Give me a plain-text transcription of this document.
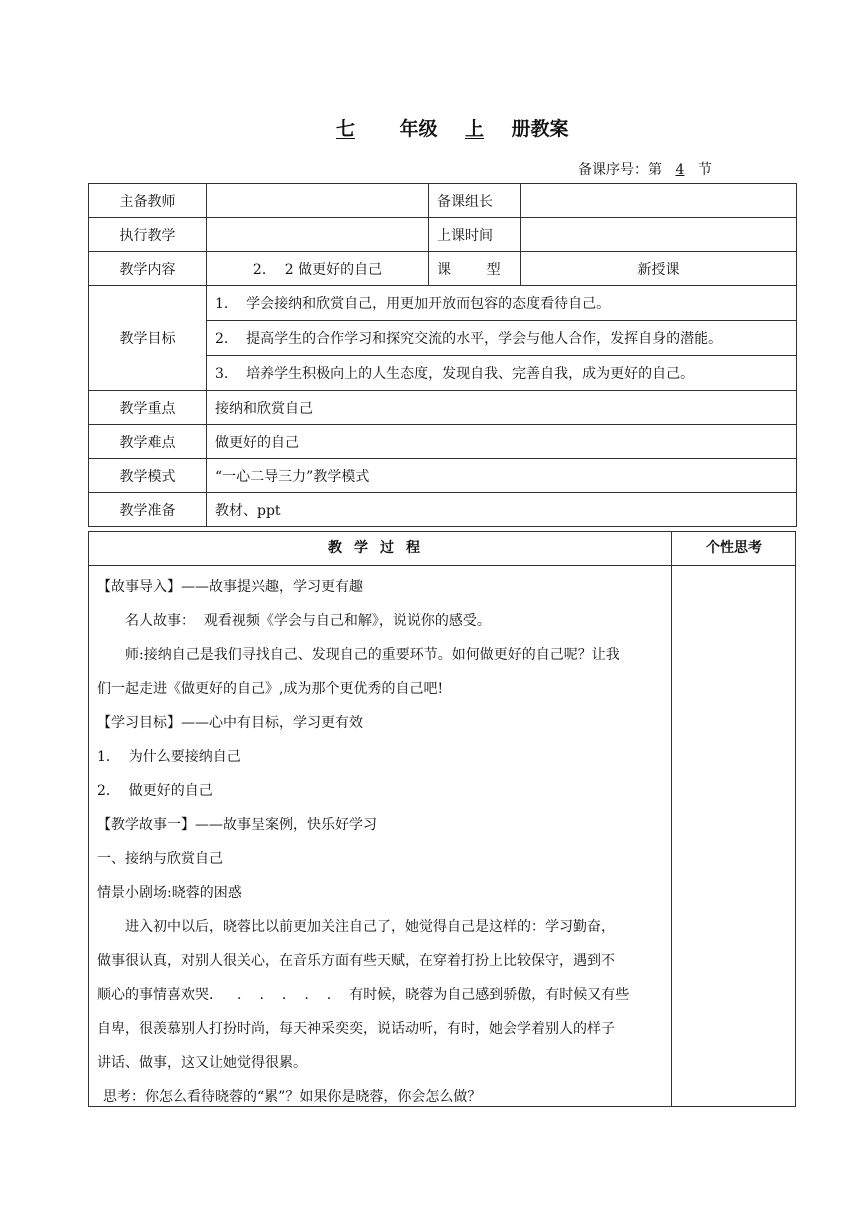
七 年级 上 册教案
备课序号：第 4 节
主备教师		备课组长	
执行教学		上课时间	
教学内容	2．  2 做更好的自己	课        型	新授课
教学目标	1.    学会接纳和欣赏自己，用更加开放而包容的态度看待自己。		
	2.    提高学生的合作学习和探究交流的水平，学会与他人合作，发挥自身的潜能。		
	3.    培养学生积极向上的人生态度，发现自我、完善自我，成为更好的自己。		
教学重点	接纳和欣赏自己		
教学难点	做更好的自己		
教学模式	“一心二导三力”教学模式		
教学准备	教材、ppt		
教学过程	个性思考
【故事导入】——故事提兴趣，学习更有趣
名人故事：  观看视频《学会与自己和解》，说说你的感受。
师:接纳自己是我们寻找自己、发现自己的重要环节。如何做更好的自己呢？让我
们一起走进《做更好的自己》,成为那个更优秀的自己吧!
【学习目标】——心中有目标，学习更有效
1．  为什么要接纳自己
2．  做更好的自己
【教学故事一】——故事呈案例，快乐好学习
一、接纳与欣赏自己
情景小剧场:晓蓉的困惑
进入初中以后，晓蓉比以前更加关注自己了，她觉得自己是这样的：学习勤奋，
做事很认真，对别人很关心，在音乐方面有些天赋，在穿着打扮上比较保守，遇到不
顺心的事情喜欢哭． .....有时候，晓蓉为自己感到骄傲，有时候又有些
自卑，很羡慕别人打扮时尚，每天神采奕奕，说话动听，有时，她会学着别人的样子
讲话、做事，这又让她觉得很累。
思考：你怎么看待晓蓉的“累”？如果你是晓蓉，你会怎么做？
